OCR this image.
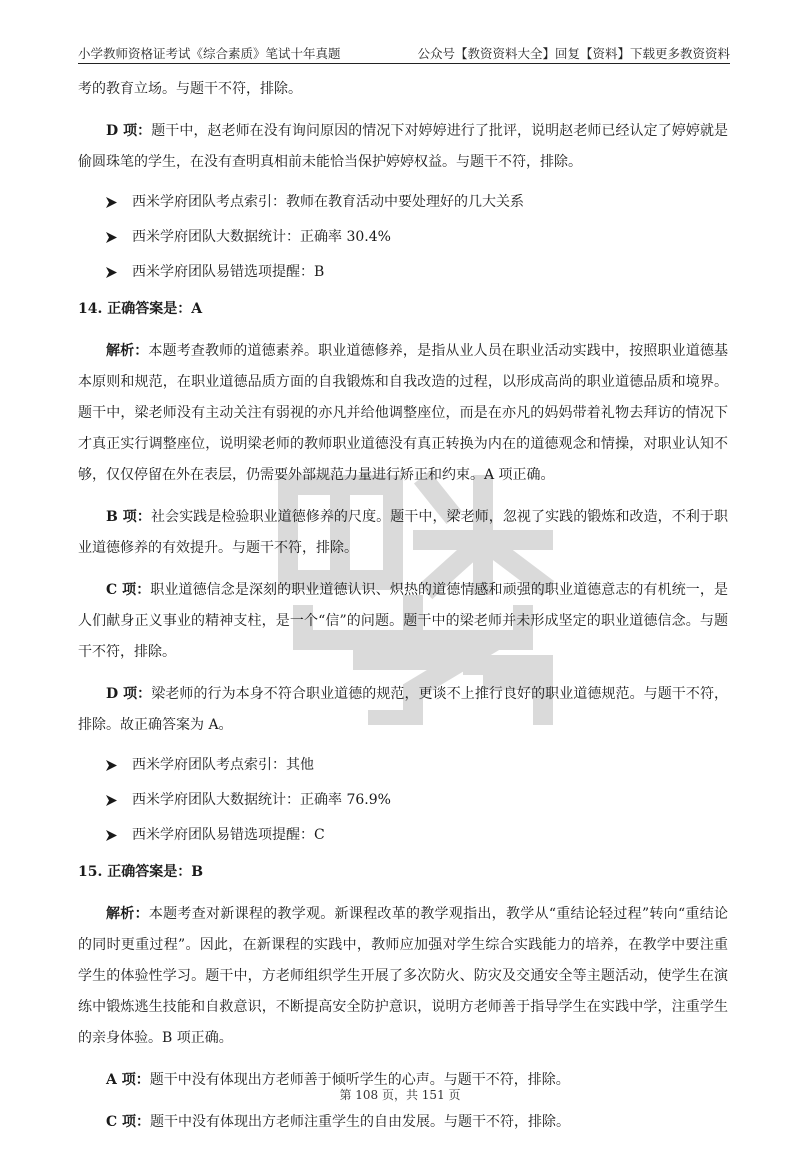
小学教师资格证考试《综合素质》笔试十年真题	公众号【教资资料大全】回复【资料】下载更多教资资料

考的教育立场。与题干不符，排除。

D 项：题干中，赵老师在没有询问原因的情况下对婷婷进行了批评，说明赵老师已经认定了婷婷就是偷圆珠笔的学生，在没有查明真相前未能恰当保护婷婷权益。与题干不符，排除。

西米学府团队考点索引：教师在教育活动中要处理好的几大关系
西米学府团队大数据统计：正确率 30.4%
西米学府团队易错选项提醒：B
14. 正确答案是：A

解析：本题考查教师的道德素养。职业道德修养，是指从业人员在职业活动实践中，按照职业道德基本原则和规范，在职业道德品质方面的自我锻炼和自我改造的过程，以形成高尚的职业道德品质和境界。题干中，梁老师没有主动关注有弱视的亦凡并给他调整座位，而是在亦凡的妈妈带着礼物去拜访的情况下才真正实行调整座位，说明梁老师的教师职业道德没有真正转换为内在的道德观念和情操，对职业认知不够，仅仅停留在外在表层，仍需要外部规范力量进行矫正和约束。A 项正确。

B 项：社会实践是检验职业道德修养的尺度。题干中，梁老师，忽视了实践的锻炼和改造，不利于职业道德修养的有效提升。与题干不符，排除。

C 项：职业道德信念是深刻的职业道德认识、炽热的道德情感和顽强的职业道德意志的有机统一，是人们献身正义事业的精神支柱，是一个“信”的问题。题干中的梁老师并未形成坚定的职业道德信念。与题干不符，排除。

D 项：梁老师的行为本身不符合职业道德的规范，更谈不上推行良好的职业道德规范。与题干不符，排除。故正确答案为 A。

西米学府团队考点索引：其他
西米学府团队大数据统计：正确率 76.9%
西米学府团队易错选项提醒：C
15. 正确答案是：B

解析：本题考查对新课程的教学观。新课程改革的教学观指出，教学从“重结论轻过程”转向“重结论的同时更重过程”。因此，在新课程的实践中，教师应加强对学生综合实践能力的培养，在教学中要注重学生的体验性学习。题干中，方老师组织学生开展了多次防火、防灾及交通安全等主题活动，使学生在演练中锻炼逃生技能和自救意识，不断提高安全防护意识，说明方老师善于指导学生在实践中学，注重学生的亲身体验。B 项正确。

A 项：题干中没有体现出方老师善于倾听学生的心声。与题干不符，排除。

C 项：题干中没有体现出方老师注重学生的自由发展。与题干不符，排除。

第 108 页，共 151 页
